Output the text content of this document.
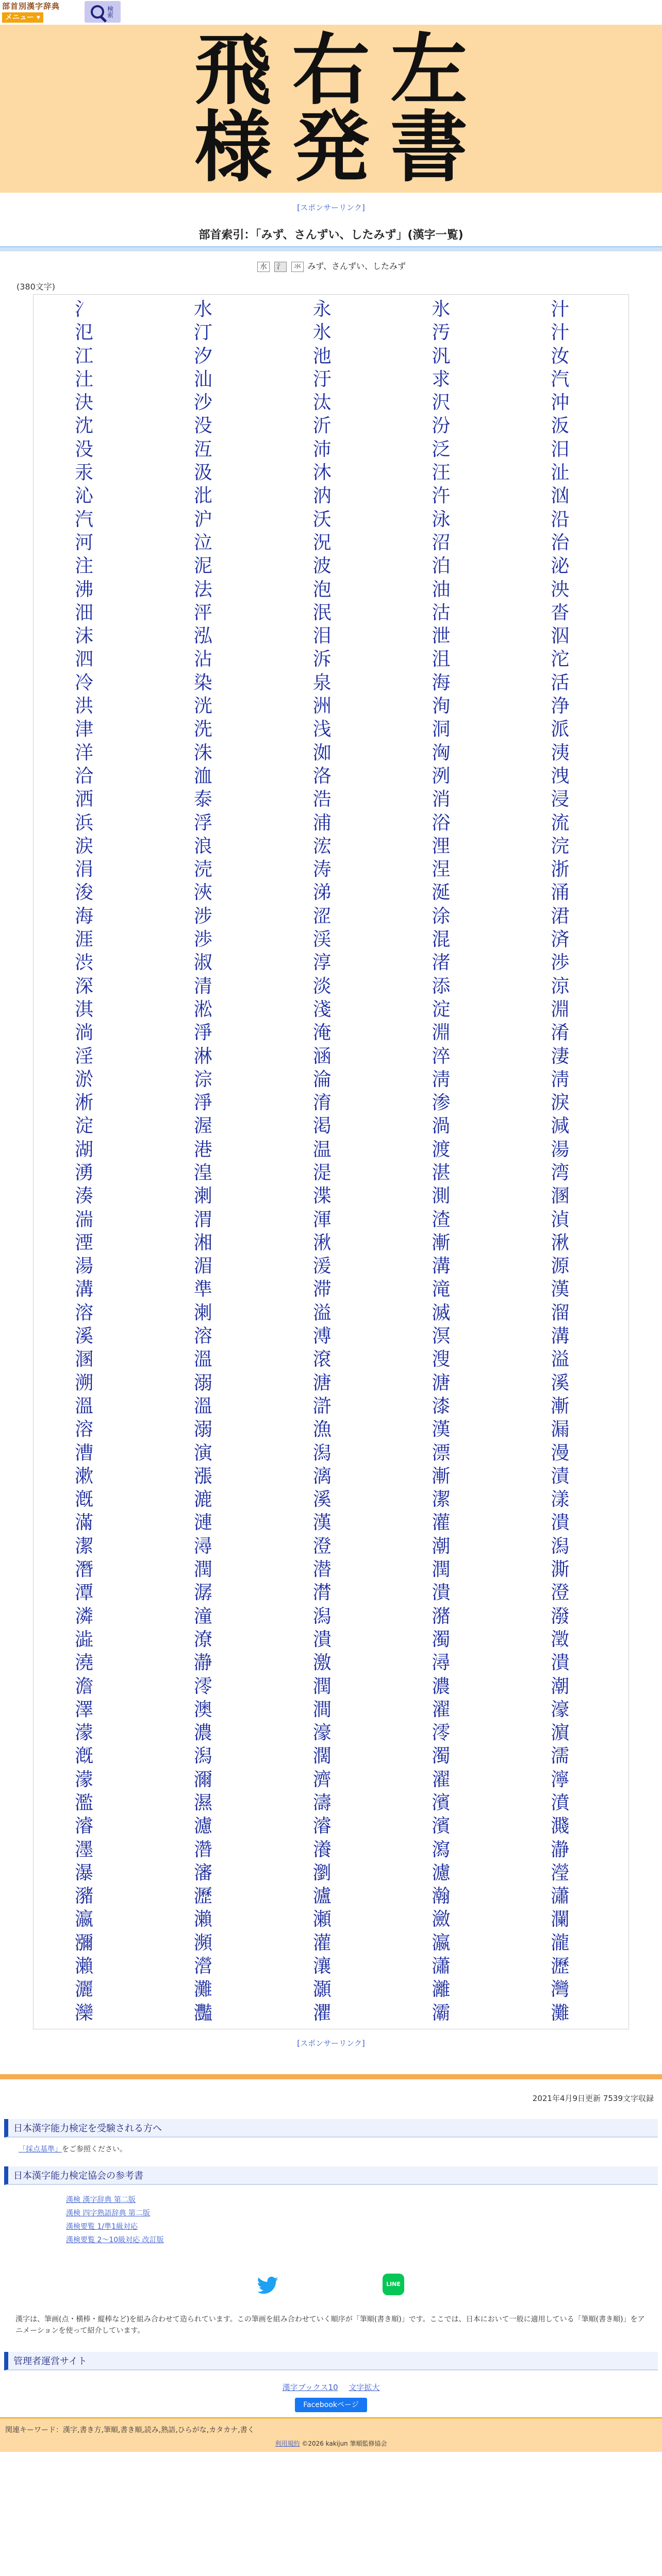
部首別漢字辞典
メニュー ▾	検索
飛 右 左
様 発 書
[スポンサーリンク]
部首索引：「みず、さんずい、したみず」(漢字一覧)
水 氵 氺 みず、さんずい、したみず
(380文字)
氵	水	永	氷	汁
氾	汀	氷	汚	汁
江	汐	池	汎	汝
汢	汕	汙	求	汽
決	沙	汰	沢	沖
沈	没	沂	汾	汳
没	沍	沛	泛	汨
汞	汲	沐	汪	沚
沁	沘	汭	汻	汹
汽	沪	沃	泳	沿
河	泣	況	沼	治
注	泥	波	泊	泌
沸	法	泡	油	泱
沺	泙	泯	沽	沓
沫	泓	泪	泄	泅
泗	沾	泝	沮	沱
冷	染	泉	海	活
洪	洸	洲	洵	浄
津	洗	浅	洞	派
洋	洙	洳	洶	洟
洽	洫	洛	洌	洩
洒	泰	浩	消	浸
浜	浮	浦	浴	流
涙	浪	浤	浬	浣
涓	涜	涛	涅	浙
浚	浹	涕	涎	涌
海	涉	涩	涂	涒
涯	渉	渓	混	済
渋	淑	淳	渚	渉
深	清	淡	添	涼
淇	淞	淺	淀	淵
淌	淨	淹	淵	淆
淫	淋	涵	淬	淒
淤	淙	淪	淸	淸
淅	淨	淯	渗	淚
淀	渥	渇	渦	減
湖	港	温	渡	湯
湧	湟	湜	湛	湾
湊	溂	渫	測	溷
湍	渭	渾	渣	湞
湮	湘	湫	漸	湫
湯	湄	湲	溝	源
溝	準	滞	滝	漢
溶	溂	溢	滅	溜
溪	溶	溥	溟	溝
溷	溫	滾	溲	溢
溯	溺	溏	溏	溪
溫	溫	滸	漆	漸
溶	溺	漁	漢	漏
漕	演	潟	漂	漫
漱	漲	漓	漸	漬
漑	漉	溪	潔	漾
滿	漣	漢	灌	潰
潔	潯	澄	潮	潟
潛	潤	潜	潤	澌
潭	潺	潸	潰	澄
潾	潼	潟	潴	潑
澁	潦	潰	濁	澂
澆	瀞	激	潯	潰
澹	澪	潤	濃	潮
澤	澳	澗	濯	濠
濛	濃	濠	澪	濵
漑	潟	濶	濁	濡
濛	濔	濟	濯	濘
濫	濕	濤	濱	濆
濬	濾	濬	濱	濺
濹	濳	瀁	瀉	瀞
瀑	瀋	瀏	濾	瀅
瀦	瀝	瀘	瀚	瀟
瀛	瀨	瀬	瀲	瀾
瀰	瀕	灌	瀛	瀧
瀨	瀯	瀼	瀟	瀝
灑	灘	灝	灕	灣
灤	灩	灈	灞	灘
[スポンサーリンク]
2021年4月9日更新 7539文字収録
日本漢字能力検定を受験される方へ
「採点基準」をご参照ください。
日本漢字能力検定協会の参考書
漢検 漢字辞典 第二版
漢検 四字熟語辞典 第二版
漢検要覧 1/準1級対応
漢検要覧 2〜10級対応 改訂版
LINE
漢字は、筆画(点・横棒・縦棒など)を組み合わせて造られています。この筆画を組み合わせていく順序が「筆順(書き順)」です。ここでは、日本において一般に適用している「筆順(書き順)」をアニメーションを使って紹介しています。
管理者運営サイト
漢字ブックス10 文字拡大
Facebookページ
関連キーワード：漢字,書き方,筆順,書き順,読み,熟語,ひらがな,カタカナ,書く
利用規約 ©2026 kakijun 筆順監修協会
